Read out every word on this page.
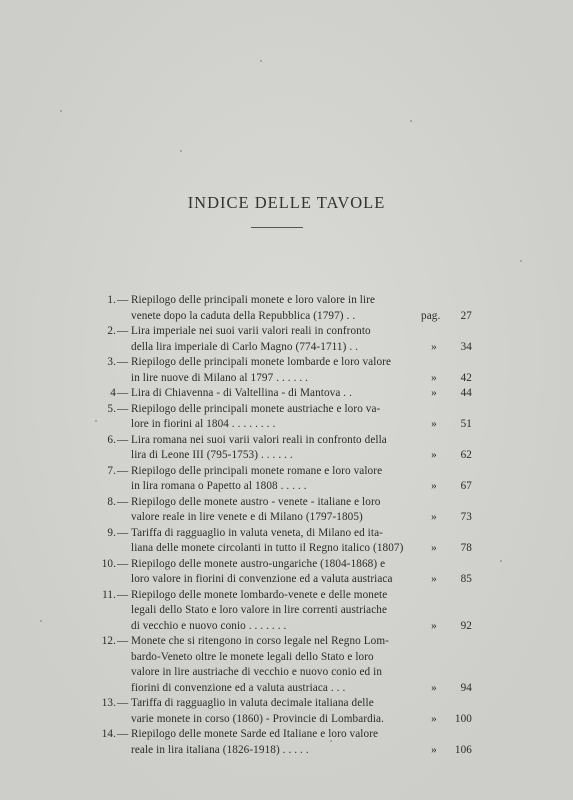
INDICE DELLE TAVOLE
1. — Riepilogo delle principali monete e loro valore in lire
venete dopo la caduta della Repubblica (1797) . .	pag.	27
2. — Lira imperiale nei suoi varii valori reali in confronto
della lira imperiale di Carlo Magno (774-1711) . .	»	34
3. — Riepilogo delle principali monete lombarde e loro valore
in lire nuove di Milano al 1797 . . . . . .	»	42
4 — Lira di Chiavenna - di Valtellina - di Mantova . .	»	44
5. — Riepilogo delle principali monete austriache e loro va-
lore in fiorini al 1804 . . . . . . . .	»	51
6. — Lira romana nei suoi varii valori reali in confronto della
lira di Leone III (795-1753) . . . . . .	»	62
7. — Riepilogo delle principali monete romane e loro valore
in lira romana o Papetto al 1808 . . . . .	»	67
8. — Riepilogo delle monete austro - venete - italiane e loro
valore reale in lire venete e di Milano (1797-1805)	»	73
9. — Tariffa di ragguaglio in valuta veneta, di Milano ed ita-
liana delle monete circolanti in tutto il Regno italico (1807)	»	78
10. — Riepilogo delle monete austro-ungariche (1804-1868) e
loro valore in fiorini di convenzione ed a valuta austriaca	»	85
11. — Riepilogo delle monete lombardo-venete e delle monete
legali dello Stato e loro valore in lire correnti austriache
di vecchio e nuovo conio . . . . . . .	»	92
12. — Monete che si ritengono in corso legale nel Regno Lom-
bardo-Veneto oltre le monete legali dello Stato e loro
valore in lire austriache di vecchio e nuovo conio ed in
fiorini di convenzione ed a valuta austriaca . . .	»	94
13. — Tariffa di ragguaglio in valuta decimale italiana delle
varie monete in corso (1860) - Provincie di Lombardia.	»	100
14. — Riepilogo delle monete Sarde ed Italiane e loro valore
reale in lira italiana (1826-1918) . . . . .	»	106
